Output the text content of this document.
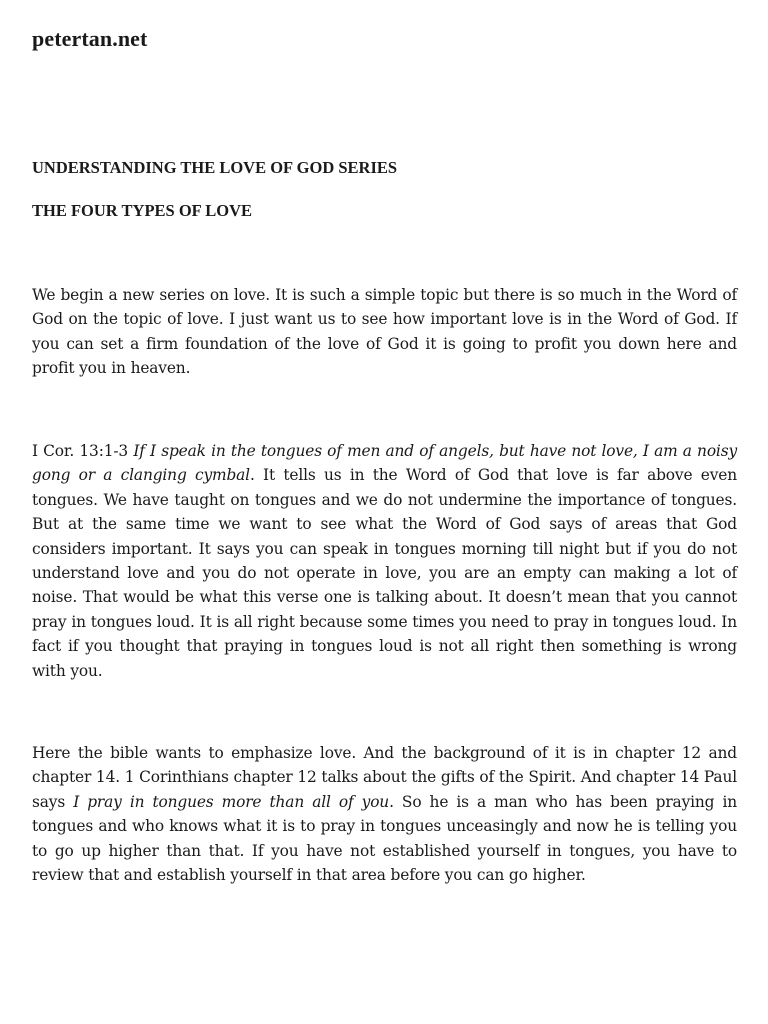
petertan.net
UNDERSTANDING THE LOVE OF GOD SERIES
THE FOUR TYPES OF LOVE

We begin a new series on love. It is such a simple topic but there is so much in the Word of God on the topic of love. I just want us to see how important love is in the Word of God. If you can set a firm foundation of the love of God it is going to profit you down here and profit you in heaven.

I Cor. 13:1-3 If I speak in the tongues of men and of angels, but have not love, I am a noisy gong or a clanging cymbal. It tells us in the Word of God that love is far above even tongues. We have taught on tongues and we do not undermine the importance of tongues. But at the same time we want to see what the Word of God says of areas that God considers important. It says you can speak in tongues morning till night but if you do not understand love and you do not operate in love, you are an empty can making a lot of noise. That would be what this verse one is talking about. It doesn’t mean that you cannot pray in tongues loud. It is all right because some times you need to pray in tongues loud. In fact if you thought that praying in tongues loud is not all right then something is wrong with you.

Here the bible wants to emphasize love. And the background of it is in chapter 12 and chapter 14. 1 Corinthians chapter 12 talks about the gifts of the Spirit. And chapter 14 Paul says I pray in tongues more than all of you. So he is a man who has been praying in tongues and who knows what it is to pray in tongues unceasingly and now he is telling you to go up higher than that. If you have not established yourself in tongues, you have to review that and establish yourself in that area before you can go higher.
